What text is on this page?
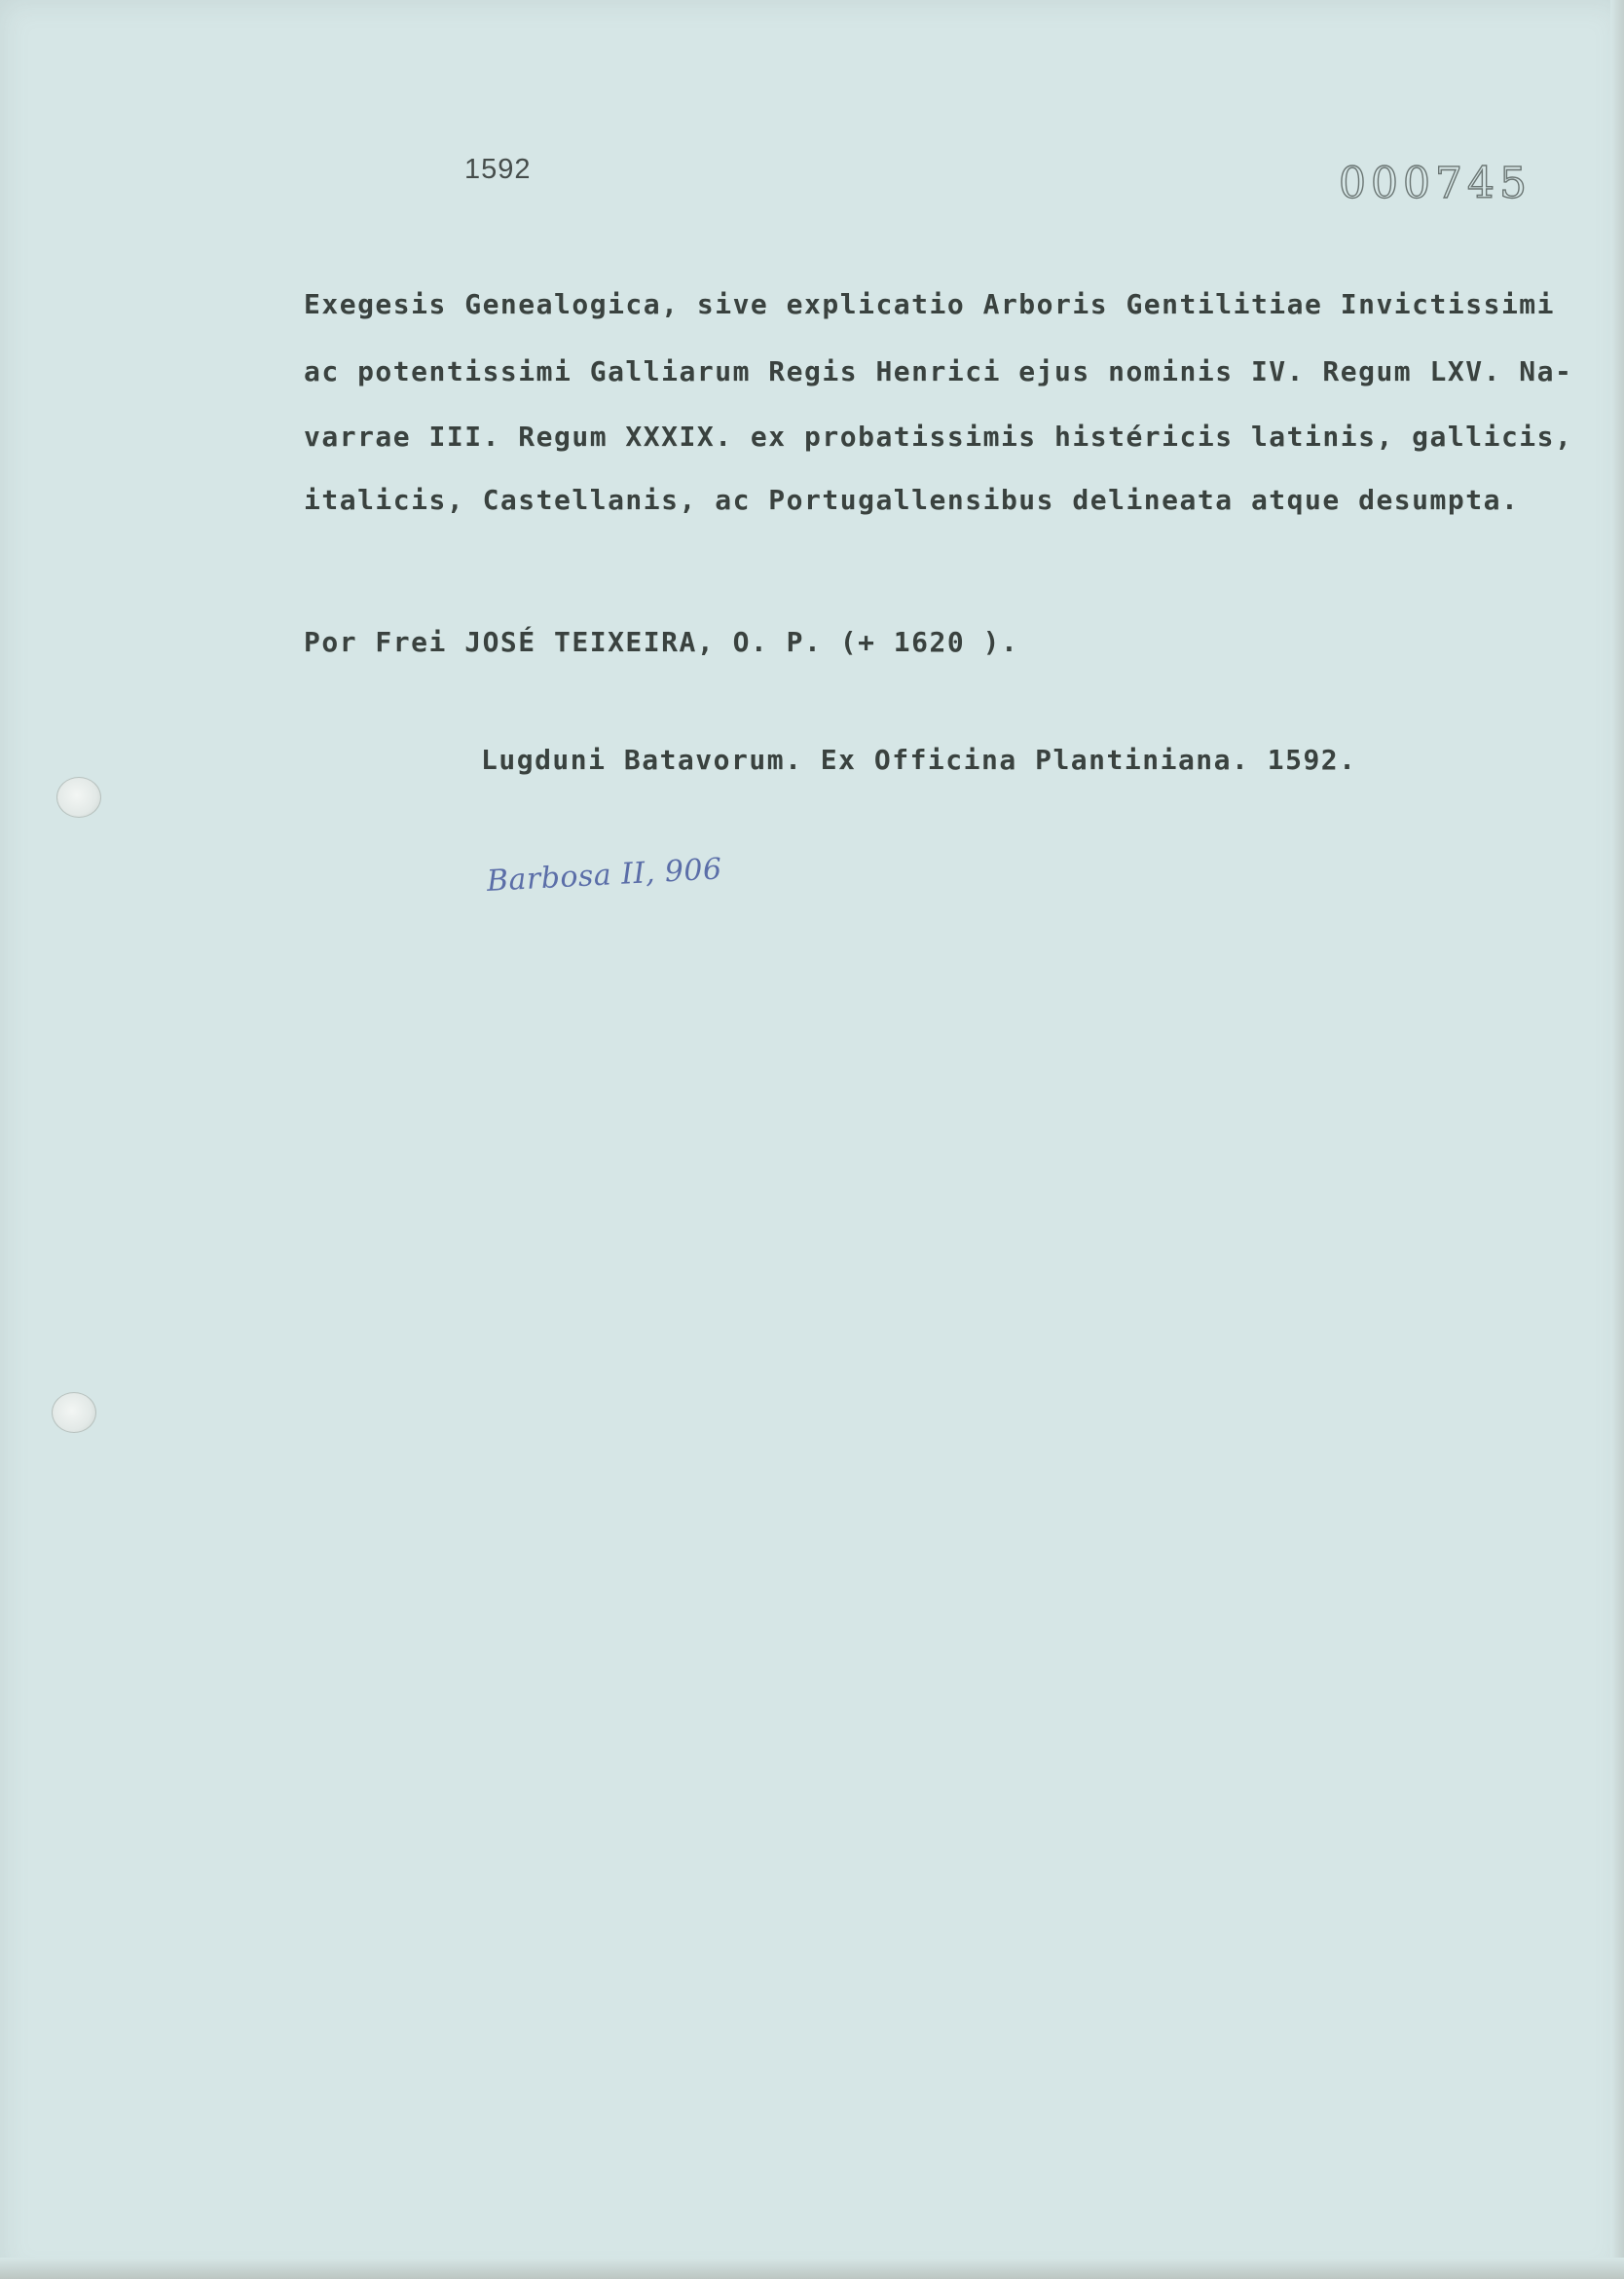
1592	000745
Exegesis Genealogica, sive explicatio Arboris Gentilitiae Invictissimi
ac potentissimi Galliarum Regis Henrici ejus nominis IV. Regum LXV. Na-
varrae III. Regum XXXIX. ex probatissimis histéricis latinis, gallicis,
italicis, Castellanis, ac Portugallensibus delineata atque desumpta.
Por Frei JOSÉ TEIXEIRA, O. P. (+ 1620 ).
Lugduni Batavorum. Ex Officina Plantiniana. 1592.
Barbosa II, 906
